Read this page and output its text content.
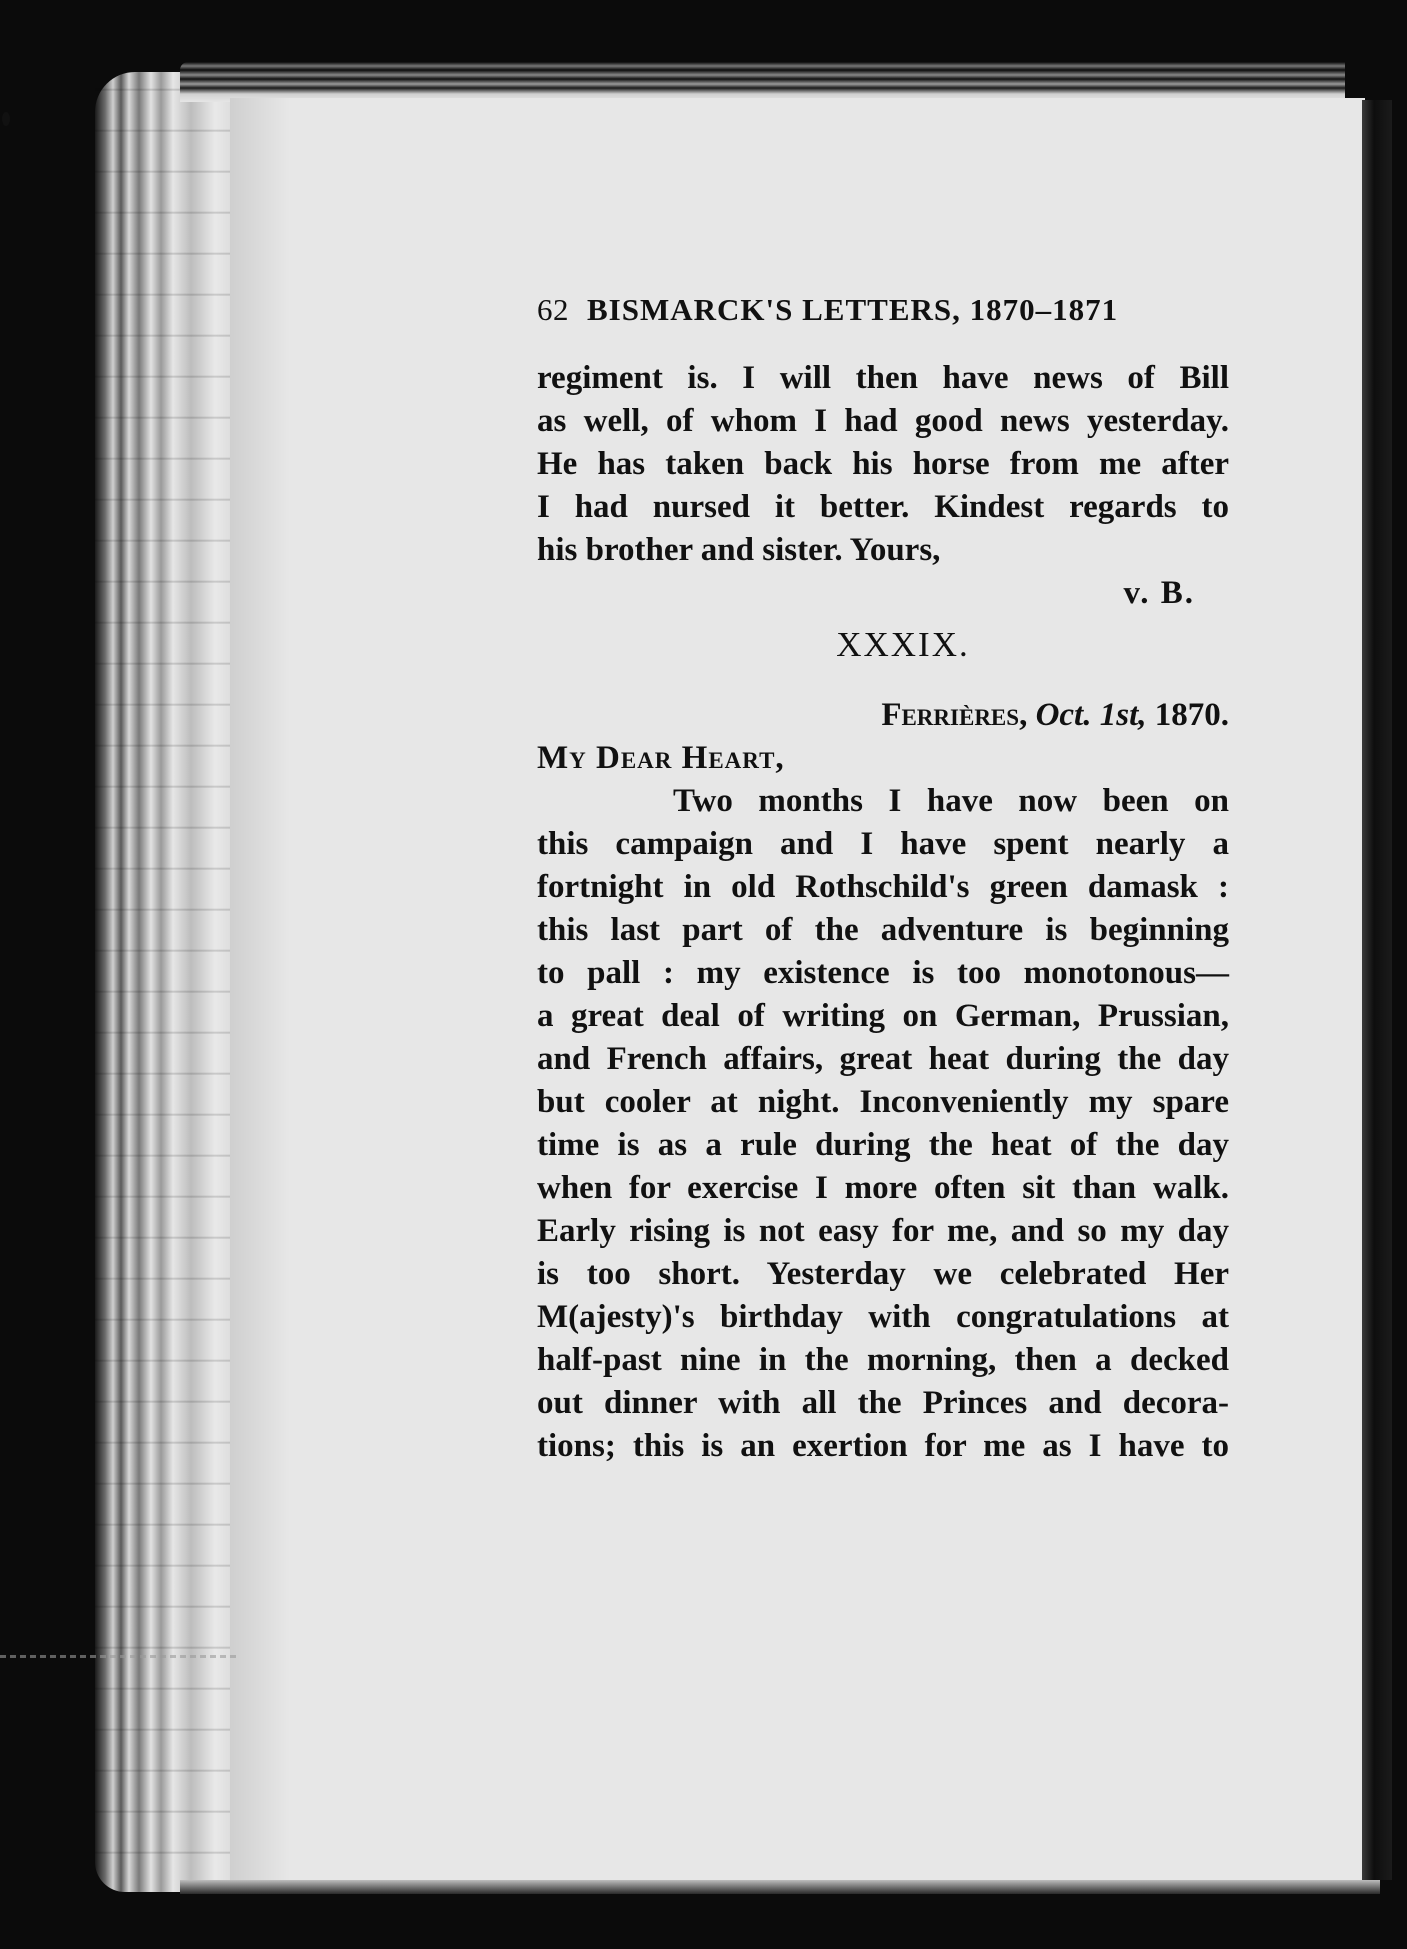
62 BISMARCK'S LETTERS, 1870–1871
regiment is. I will then have news of Bill
as well, of whom I had good news yesterday.
He has taken back his horse from me after
I had nursed it better. Kindest regards to
his brother and sister. Yours,
v. B.
XXXIX.
Ferrières, Oct. 1st, 1870.
My Dear Heart,
Two months I have now been on
this campaign and I have spent nearly a
fortnight in old Rothschild's green damask :
this last part of the adventure is beginning
to pall : my existence is too monotonous—
a great deal of writing on German, Prussian,
and French affairs, great heat during the day
but cooler at night. Inconveniently my spare
time is as a rule during the heat of the day
when for exercise I more often sit than walk.
Early rising is not easy for me, and so my day
is too short. Yesterday we celebrated Her
M(ajesty)'s birthday with congratulations at
half-past nine in the morning, then a decked
out dinner with all the Princes and decora-
tions; this is an exertion for me as I have to
